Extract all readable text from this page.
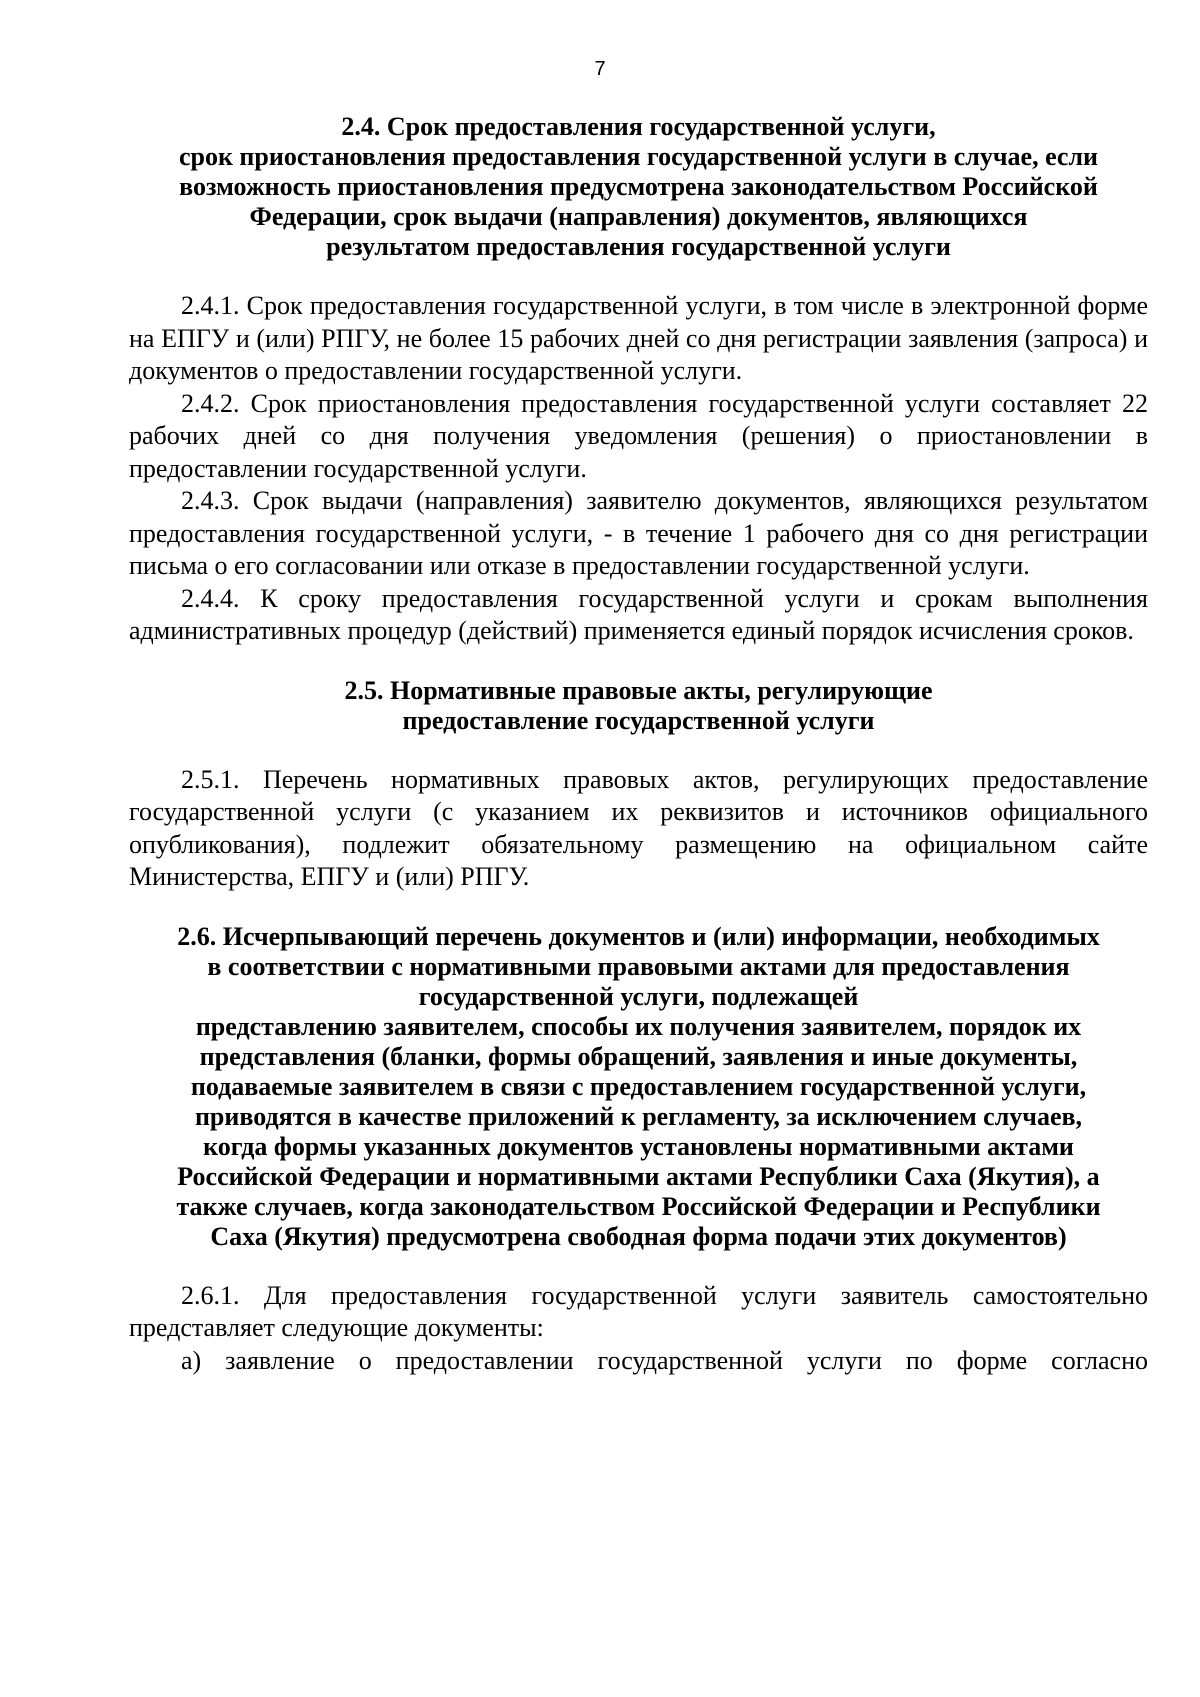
7
2.4. Срок предоставления государственной услуги,
срок приостановления предоставления государственной услуги в случае, если
возможность приостановления предусмотрена законодательством Российской
Федерации, срок выдачи (направления) документов, являющихся
результатом предоставления государственной услуги

2.4.1. Срок предоставления государственной услуги, в том числе в электронной форме на ЕПГУ и (или) РПГУ, не более 15 рабочих дней со дня регистрации заявления (запроса) и документов о предоставлении государственной услуги.

2.4.2. Срок приостановления предоставления государственной услуги составляет 22 рабочих дней со дня получения уведомления (решения) о приостановлении в предоставлении государственной услуги.

2.4.3. Срок выдачи (направления) заявителю документов, являющихся результатом предоставления государственной услуги, - в течение 1 рабочего дня со дня регистрации письма о его согласовании или отказе в предоставлении государственной услуги.

2.4.4. К сроку предоставления государственной услуги и срокам выполнения административных процедур (действий) применяется единый порядок исчисления сроков.

2.5. Нормативные правовые акты, регулирующие
предоставление государственной услуги

2.5.1. Перечень нормативных правовых актов, регулирующих предоставление государственной услуги (с указанием их реквизитов и источников официального опубликования), подлежит обязательному размещению на официальном сайте Министерства, ЕПГУ и (или) РПГУ.

2.6. Исчерпывающий перечень документов и (или) информации, необходимых
в соответствии с нормативными правовыми актами для предоставления
государственной услуги, подлежащей
представлению заявителем, способы их получения заявителем, порядок их
представления (бланки, формы обращений, заявления и иные документы,
подаваемые заявителем в связи с предоставлением государственной услуги,
приводятся в качестве приложений к регламенту, за исключением случаев,
когда формы указанных документов установлены нормативными актами
Российской Федерации и нормативными актами Республики Саха (Якутия), а
также случаев, когда законодательством Российской Федерации и Республики
Саха (Якутия) предусмотрена свободная форма подачи этих документов)

2.6.1. Для предоставления государственной услуги заявитель самостоятельно представляет следующие документы:

а) заявление о предоставлении государственной услуги по форме согласно
